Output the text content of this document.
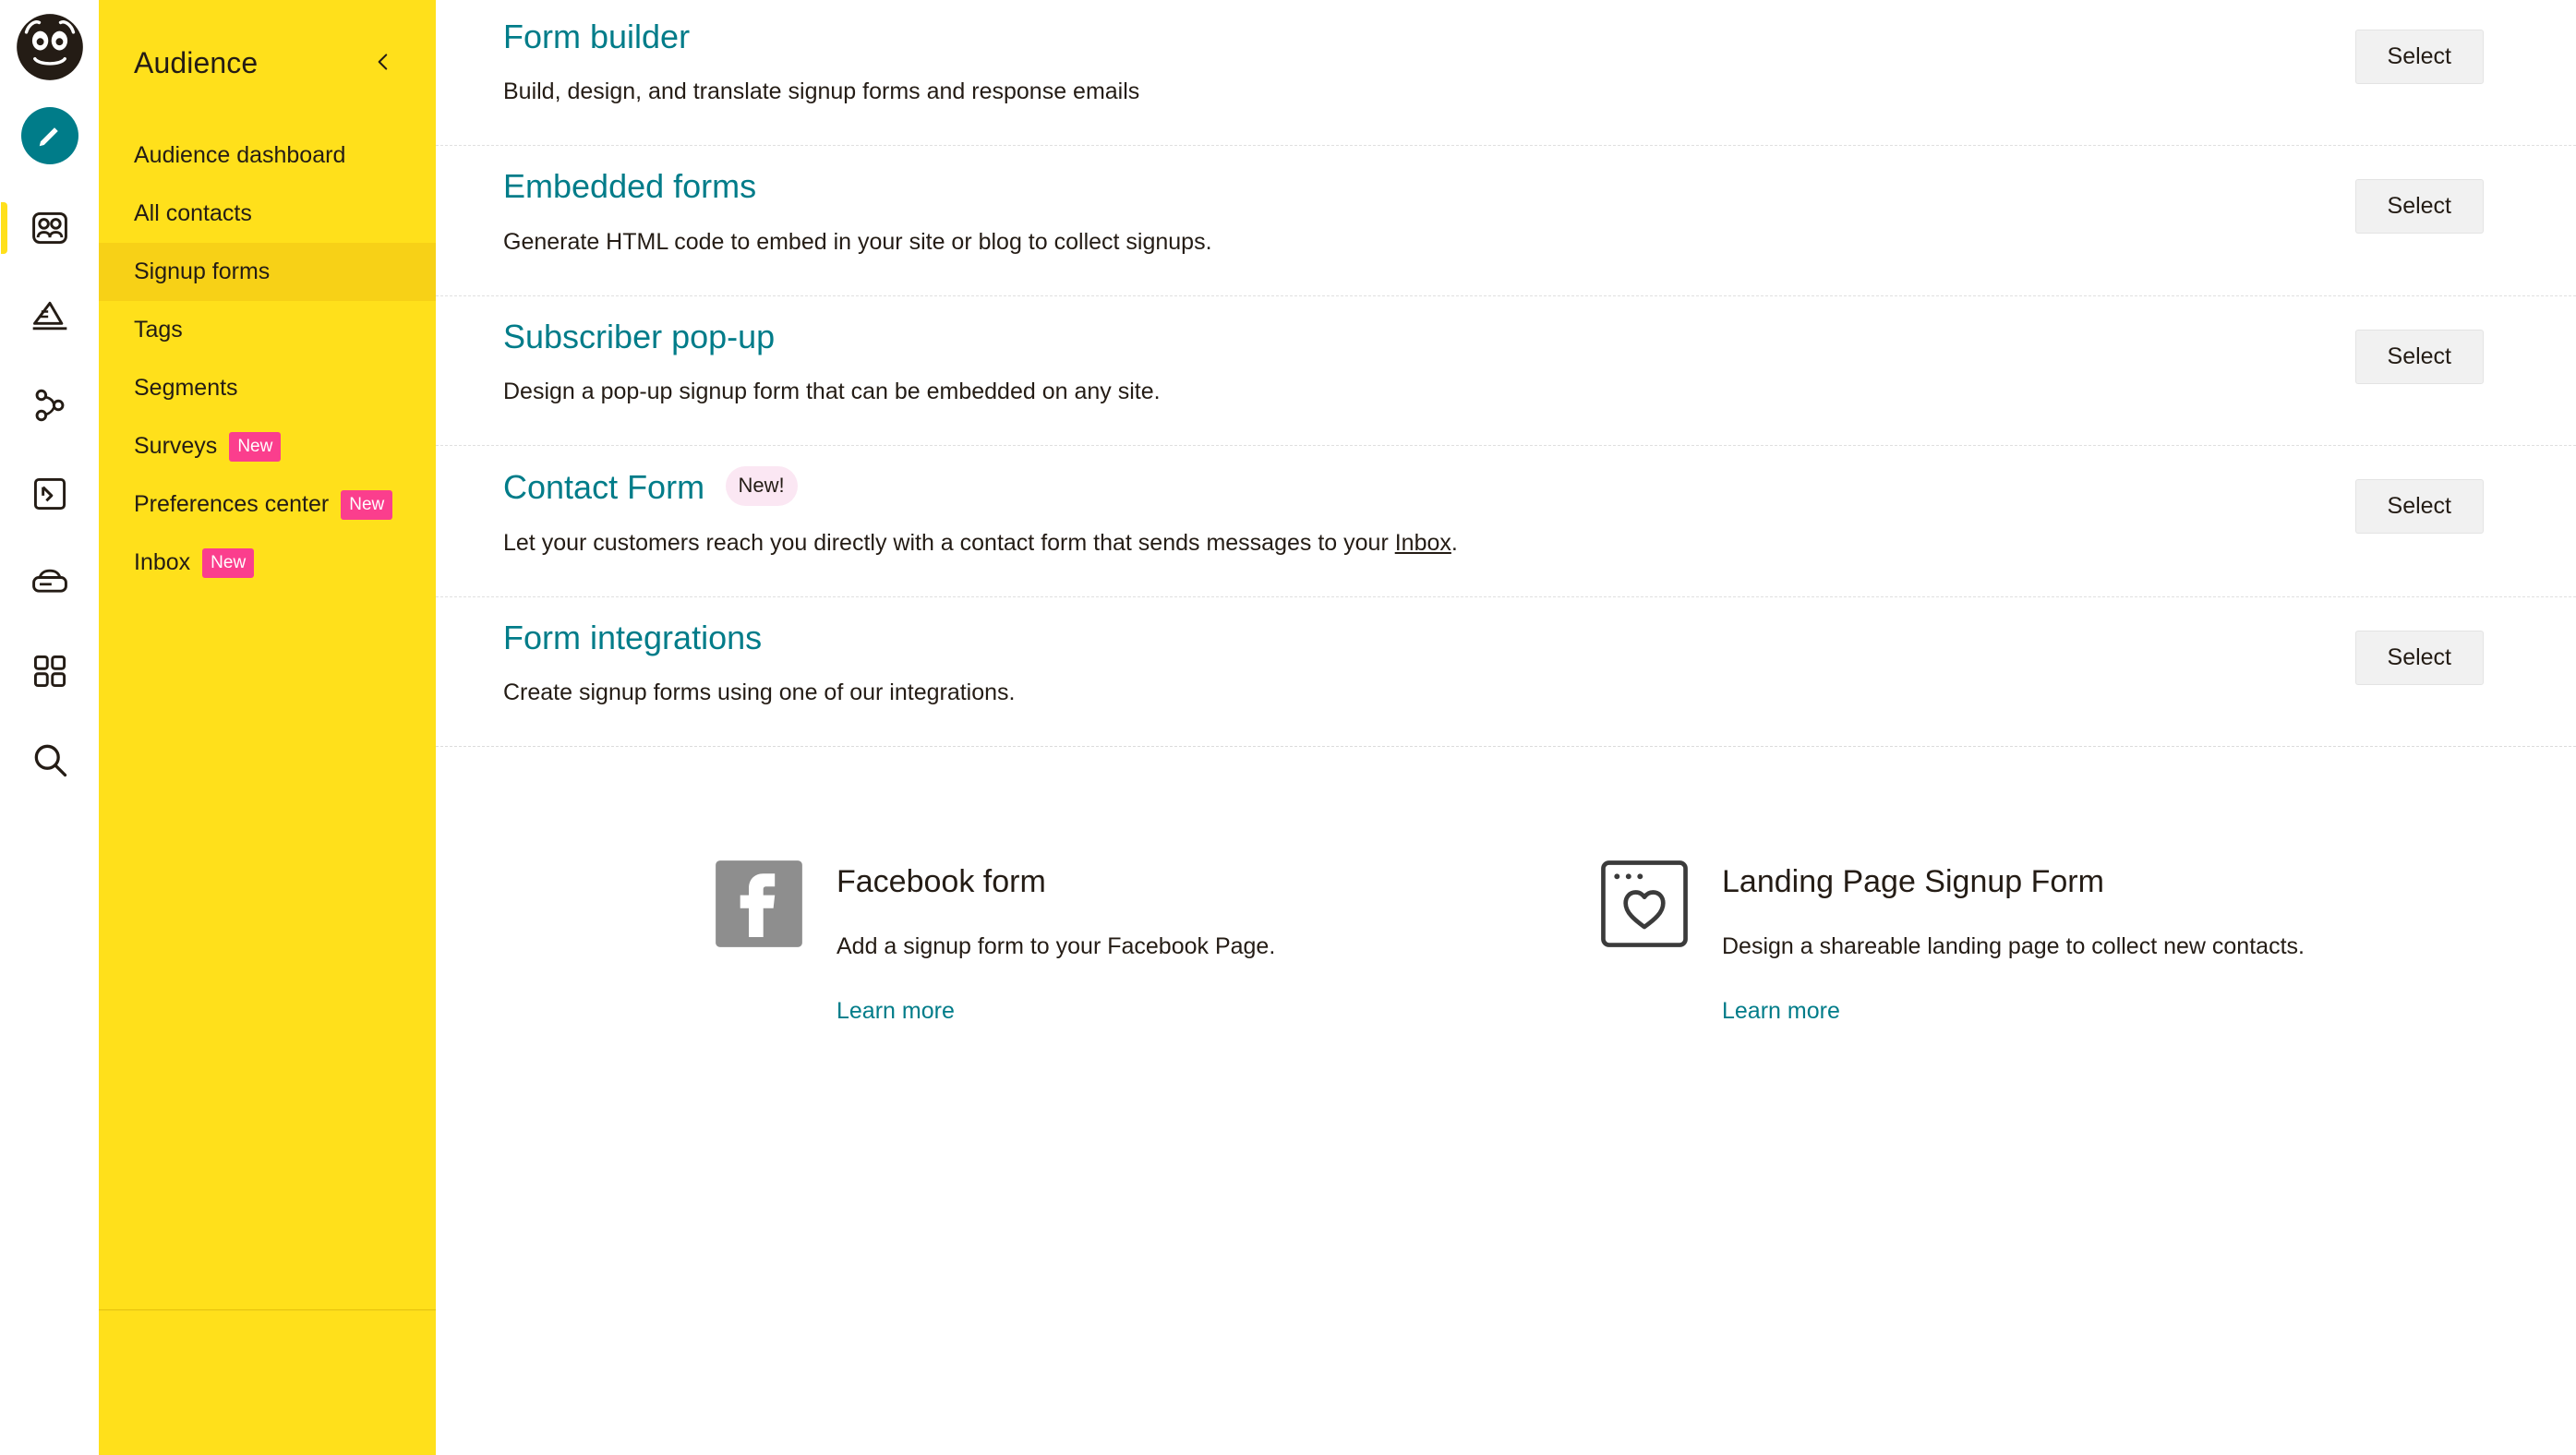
Audience
Audience dashboard
All contacts
Signup forms
Tags
Segments
Surveys	New
Preferences center	New
Inbox	New
Form builder
Build, design, and translate signup forms and response emails
Select
Embedded forms
Generate HTML code to embed in your site or blog to collect signups.
Select
Subscriber pop-up
Design a pop-up signup form that can be embedded on any site.
Select
Contact Form New!
Let your customers reach you directly with a contact form that sends messages to your Inbox.
Select
Form integrations
Create signup forms using one of our integrations.
Select
Facebook form
Add a signup form to your Facebook Page.
Learn more
Landing Page Signup Form
Design a shareable landing page to collect new contacts.
Learn more
